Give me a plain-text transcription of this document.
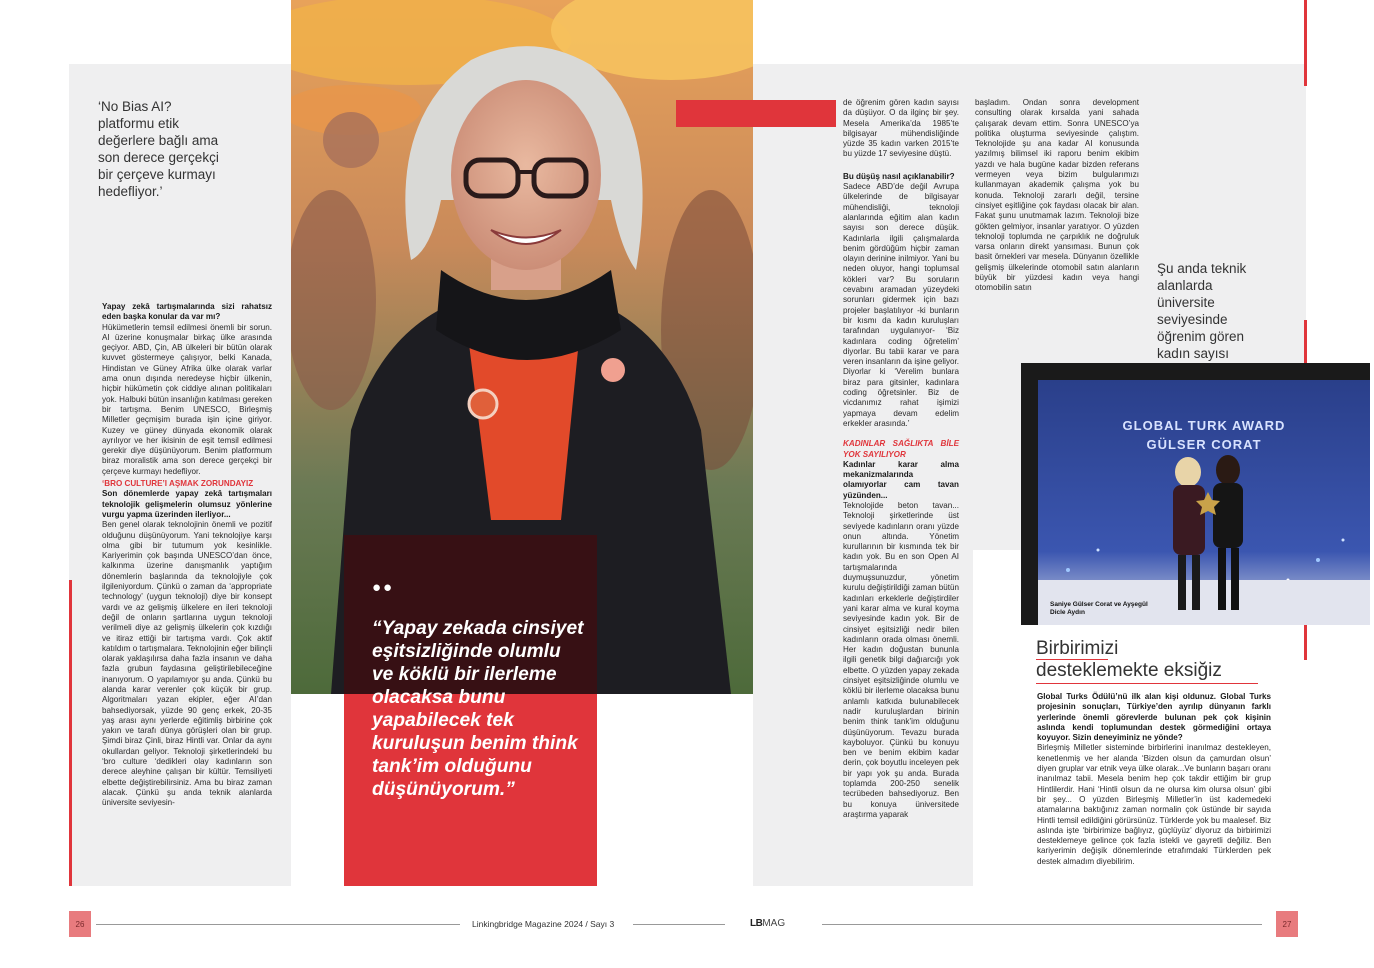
‘No Bias AI? platformu etik değerlere bağlı ama son derece gerçekçi bir çerçeve kurmayı hedefliyor.’

Yapay zekâ tartışmalarında sizi rahatsız eden başka konular da var mı?

Hükümetlerin temsil edilmesi önemli bir sorun. AI üzerine konuşmalar birkaç ülke arasında geçiyor. ABD, Çin, AB ülkeleri bir bütün olarak kuvvet göstermeye çalışıyor, belki Kanada, Hindistan ve Güney Afrika ülke olarak varlar ama onun dışında neredeyse hiçbir ülkenin, hiçbir hükümetin çok ciddiye alınan politikaları yok. Halbuki bütün insanlığın katılması gereken bir tartışma. Benim UNESCO, Birleşmiş Milletler geçmişim burada işin içine giriyor. Kuzey ve güney dünyada ekonomik olarak ayrılıyor ve her ikisinin de eşit temsil edilmesi gerekir diye düşünüyorum. Benim platformum biraz moralistik ama son derece gerçekçi bir çerçeve kurmayı hedefliyor.

‘BRO CULTURE’I AŞMAK ZORUNDAYIZ

Son dönemlerde yapay zekâ tartışmaları teknolojik gelişmelerin olumsuz yönlerine vurgu yapma üzerinden ilerliyor...

Ben genel olarak teknolojinin önemli ve pozitif olduğunu düşünüyorum. Yani teknolojiye karşı olma gibi bir tutumum yok kesinlikle. Kariyerimin çok başında UNESCO’dan önce, kalkınma üzerine danışmanlık yaptığım dönemlerin başlarında da teknolojiyle çok ilgileniyordum. Çünkü o zaman da ‘appropriate technology’ (uygun teknoloji) diye bir konsept vardı ve az gelişmiş ülkelere en ileri teknoloji değil de onların şartlarına uygun teknoloji verilmeli diye az gelişmiş ülkelerin çok kızdığı ve itiraz ettiği bir tartışma vardı. Çok aktif katıldım o tartışmalara. Teknolojinin eğer bilinçli olarak yaklaşılırsa daha fazla insanın ve daha fazla grubun faydasına geliştirilebileceğine inanıyorum. O yapılamıyor şu anda. Çünkü bu alanda karar verenler çok küçük bir grup. Algoritmaları yazan ekipler, eğer AI’dan bahsediyorsak, yüzde 90 genç erkek, 20-35 yaş arası aynı yerlerde eğitimliş birbirine çok yakın ve tarafı dünya görüşleri olan bir grup. Şimdi biraz Çinli, biraz Hintli var. Onlar da aynı okullardan geliyor. Teknoloji şirketlerindeki bu ‘bro culture ‘dedikleri olay kadınların son derece aleyhine çalışan bir kültür. Temsiliyeti elbette değiştirebilirsiniz. Ama bu biraz zaman alacak. Çünkü şu anda teknik alanlarda üniversite seviyesin-

●●
“Yapay zekada cinsiyet eşitsizliğinde olumlu ve köklü bir ilerleme olacaksa bunu yapabilecek tek kuruluşun benim think tank’im olduğunu düşünüyorum.”

de öğrenim gören kadın sayısı da düşüyor. O da ilginç bir şey. Mesela Amerika’da 1985’te bilgisayar mühendisliğinde yüzde 35 kadın varken 2015’te bu yüzde 17 seviyesine düştü.

Bu düşüş nasıl açıklanabilir?

Sadece ABD’de değil Avrupa ülkelerinde de bilgisayar mühendisliği, teknoloji alanlarında eğitim alan kadın sayısı son derece düşük. Kadınlarla ilgili çalışmalarda benim gördüğüm hiçbir zaman olayın derinine inilmiyor. Yani bu neden oluyor, hangi toplumsal kökleri var? Bu soruların cevabını aramadan yüzeydeki sorunları gidermek için bazı projeler başlatılıyor -ki bunların bir kısmı da kadın kuruluşları tarafından uygulanıyor- ‘Biz kadınlara coding öğretelim’ diyorlar. Bu tabii karar ve para veren insanların da işine geliyor. Diyorlar ki ‘Verelim bunlara biraz para gitsinler, kadınlara coding öğretsinler. Biz de vicdanımız rahat işimizi yapmaya devam edelim erkekler arasında.’

KADINLAR SAĞLIKTA BİLE YOK SAYILIYOR

Kadınlar karar alma mekanizmalarında olamıyorlar cam tavan yüzünden...

Teknolojide beton tavan... Teknoloji şirketlerinde üst seviyede kadınların oranı yüzde onun altında. Yönetim kurullarının bir kısmında tek bir kadın yok. Bu en son Open AI tartışmalarında duymuşsunuzdur, yönetim kurulu değiştirildiği zaman bütün kadınları erkeklerle değiştirdiler yani karar alma ve kural koyma seviyesinde kadın yok. Bir de cinsiyet eşitsizliği nedir bilen kadınların orada olması önemli. Her kadın doğustan bununla ilgili genetik bilgi dağıarcığı yok elbette. O yüzden yapay zekada cinsiyet eşitsizliğinde olumlu ve köklü bir ilerleme olacaksa bunu anlamlı katkıda bulunabilecek nadir kuruluşlardan birinin benim think tank’im olduğunu düşünüyorum. Tevazu burada kayboluyor. Çünkü bu konuyu ben ve benim ekibim kadar derin, çok boyutlu inceleyen pek bir yapı yok şu anda. Burada toplamda 200-250 senelik tecrübeden bahsediyoruz. Ben bu konuya üniversitede araştırma yaparak

başladım. Ondan sonra development consulting olarak kırsalda yani sahada çalışarak devam ettim. Sonra UNESCO’ya politika oluşturma seviyesinde çalıştım. Teknolojide şu ana kadar AI konusunda yazılmış bilimsel iki raporu benim ekibim yazdı ve hala bugüne kadar bizden referans vermeyen veya bizim bulgularımızı kullanmayan akademik çalışma yok bu konuda. Teknoloji zararlı değil, tersine cinsiyet eşitliğine çok faydası olacak bir alan. Fakat şunu unutmamak lazım. Teknoloji bize gökten gelmiyor, insanlar yaratıyor. O yüzden teknoloji toplumda ne çarpıklık ne doğruluk varsa onların direkt yansıması. Bunun çok basit örnekleri var mesela. Dünyanın özellikle gelişmiş ülkelerinde otomobil satın alanların büyük bir yüzdesi kadın veya hangi otomobilin satın

Şu anda teknik alanlarda üniversite seviyesinde öğrenim gören kadın sayısı
GLOBAL TURK AWARD
GÜLSER CORAT
Saniye Gülser Corat ve Ayşegül Dicle Aydın
Birbirimizi
desteklemekte eksiğiz

Global Turks Ödülü’nü ilk alan kişi oldunuz. Global Turks projesinin sonuçları, Türkiye’den ayrılıp dünyanın farklı yerlerinde önemli görevlerde bulunan pek çok kişinin aslında kendi toplumundan destek görmediğini ortaya koyuyor. Sizin deneyiminiz ne yönde?

Birleşmiş Milletler sisteminde birbirlerini inanılmaz destekleyen, kenetlenmiş ve her alanda ‘Bizden olsun da çamurdan olsun’ diyen gruplar var etnik veya ülke olarak...Ve bunların başarı oranı inanılmaz tabii. Mesela benim hep çok takdir ettiğim bir grup Hintlilerdir. Hani ‘Hintli olsun da ne olursa kim olursa olsun’ gibi bir şey... O yüzden Birleşmiş Milletler’in üst kademedeki atamalarına baktığınız zaman normalin çok üstünde bir sayıda Hintli temsil edildiğini görürsünüz. Türklerde yok bu maalesef. Biz aslında işte ‘birbirimize bağlıyız, güçlüyüz’ diyoruz da birbirimizi desteklemeye gelince çok fazla istekli ve gayretli değiliz. Ben kariyerimin değişik dönemlerinde etrafımdaki Türklerden pek destek almadım diyebilirim.

26	Linkingbridge Magazine 2024 / Sayı 3	LBMAG	27
